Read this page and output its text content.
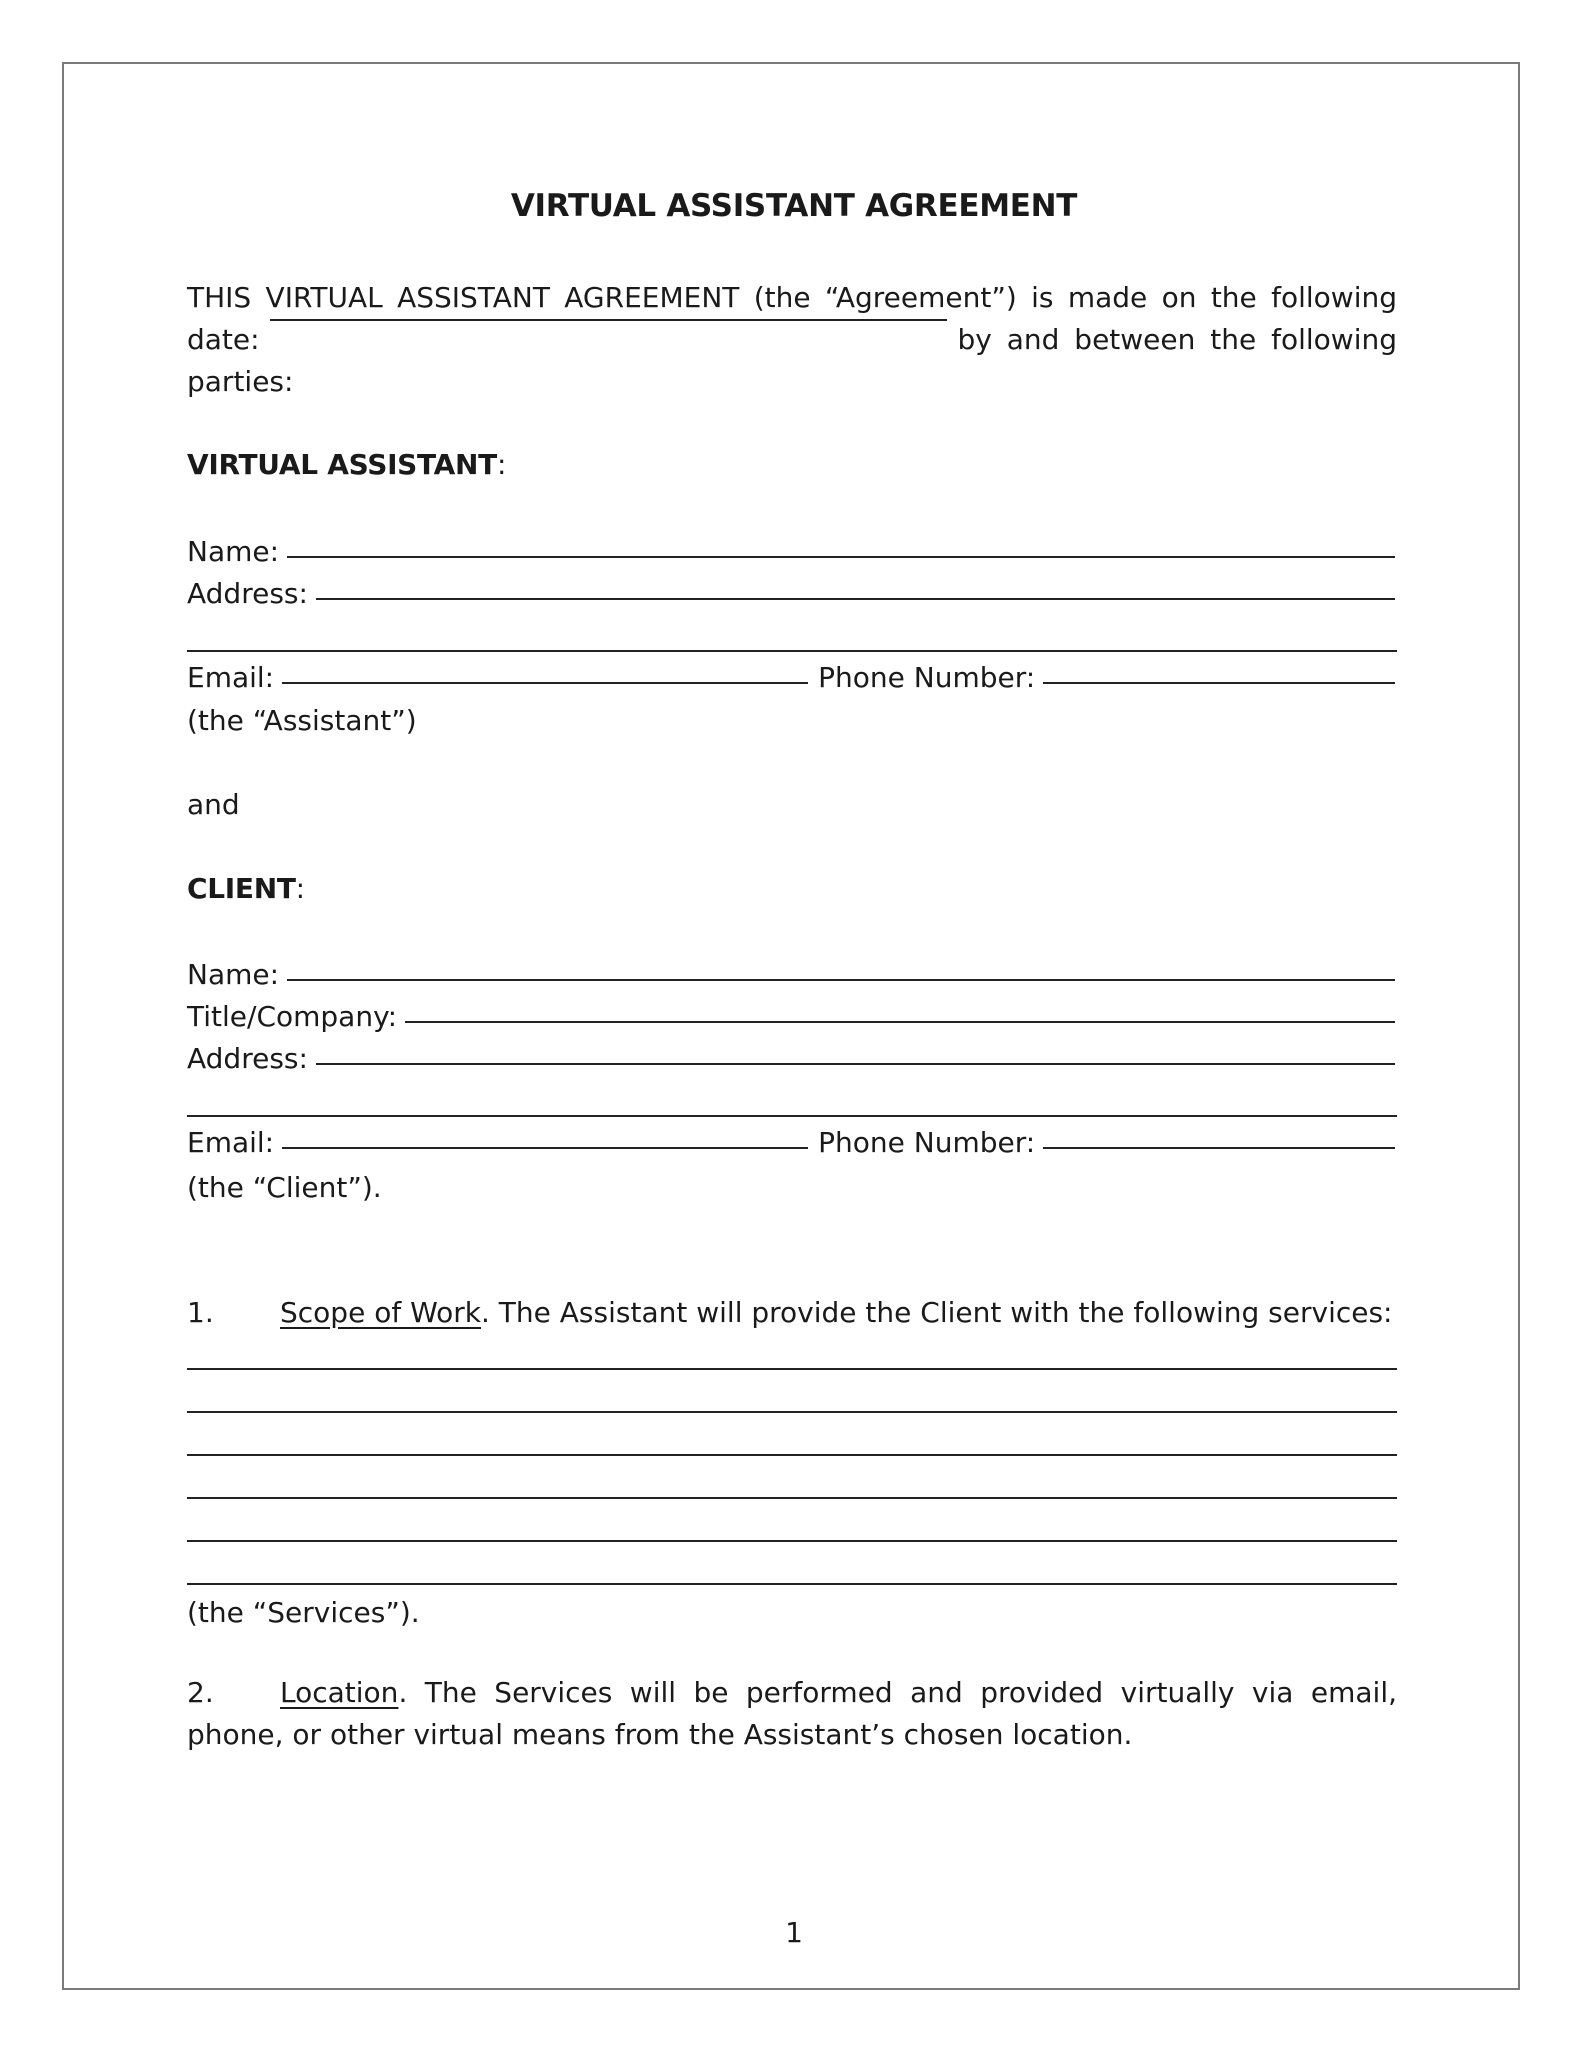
VIRTUAL ASSISTANT AGREEMENT
THIS VIRTUAL ASSISTANT AGREEMENT (the “Agreement”) is made on the following
date:	by and between the following
parties:
VIRTUAL ASSISTANT:
Name:
Address:
Email:	Phone Number:
(the “Assistant”)
and
CLIENT:
Name:
Title/Company:
Address:
Email:	Phone Number:
(the “Client”).
1. Scope of Work. The Assistant will provide the Client with the following services:
(the “Services”).
2. Location. The Services will be performed and provided virtually via email, phone, or other virtual means from the Assistant’s chosen location.
1
